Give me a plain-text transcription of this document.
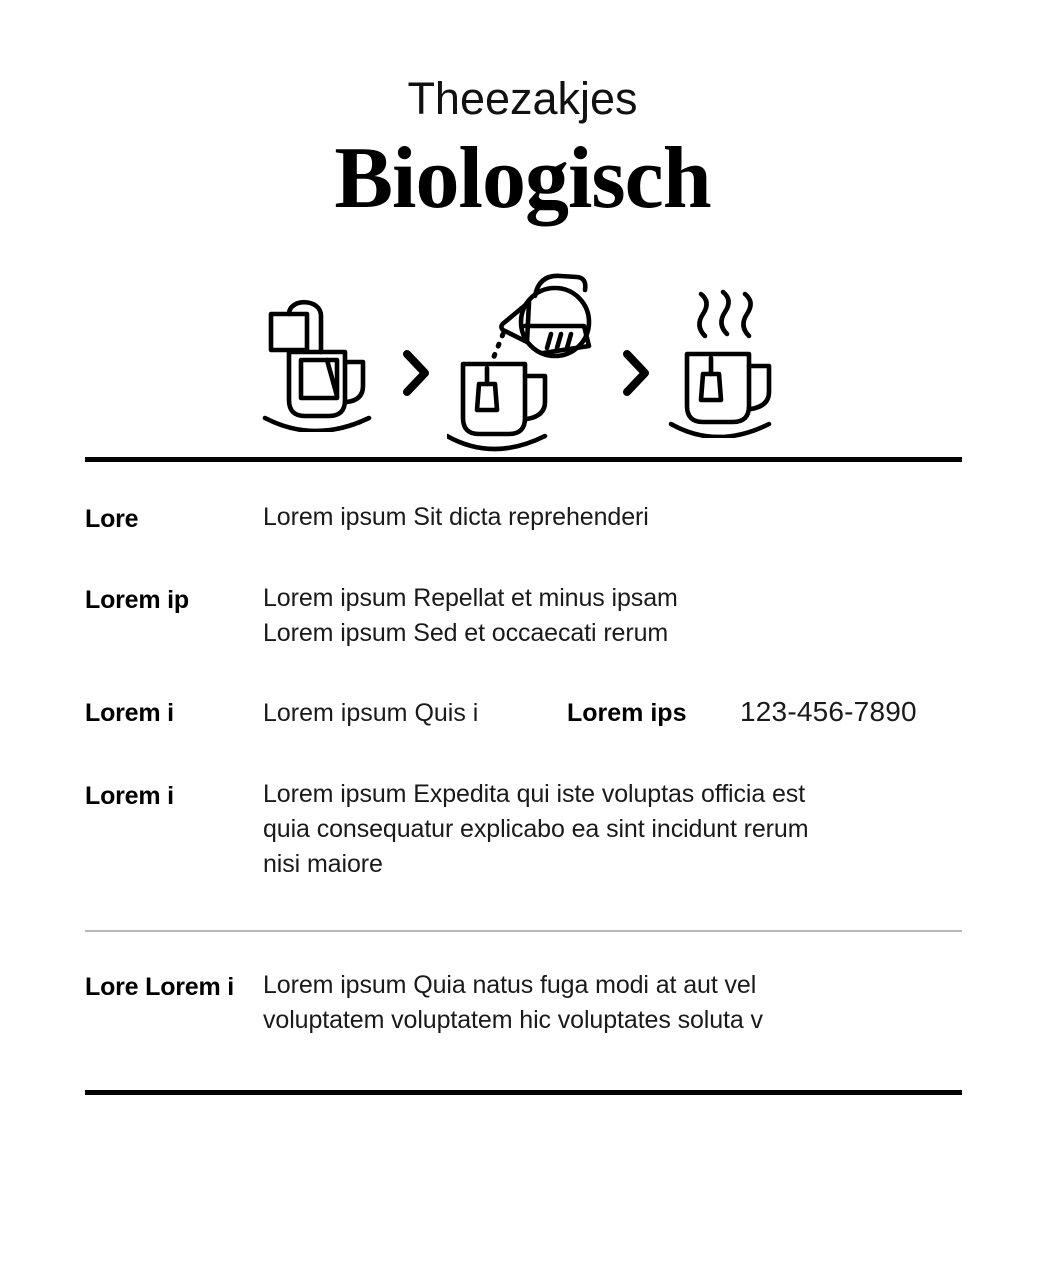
Theezakjes
Biologisch
Lore	Lorem ipsum Sit dicta reprehenderi
Lorem ip	Lorem ipsum Repellat et minus ipsam
Lorem ipsum Sed et occaecati rerum
Lorem i	Lorem ipsum Quis i	Lorem ips	123-456-7890
Lorem i	Lorem ipsum Expedita qui iste voluptas officia est
quia consequatur explicabo ea sint incidunt rerum
nisi maiore
Lore Lorem i	Lorem ipsum Quia natus fuga modi at aut vel
voluptatem voluptatem hic voluptates soluta v
